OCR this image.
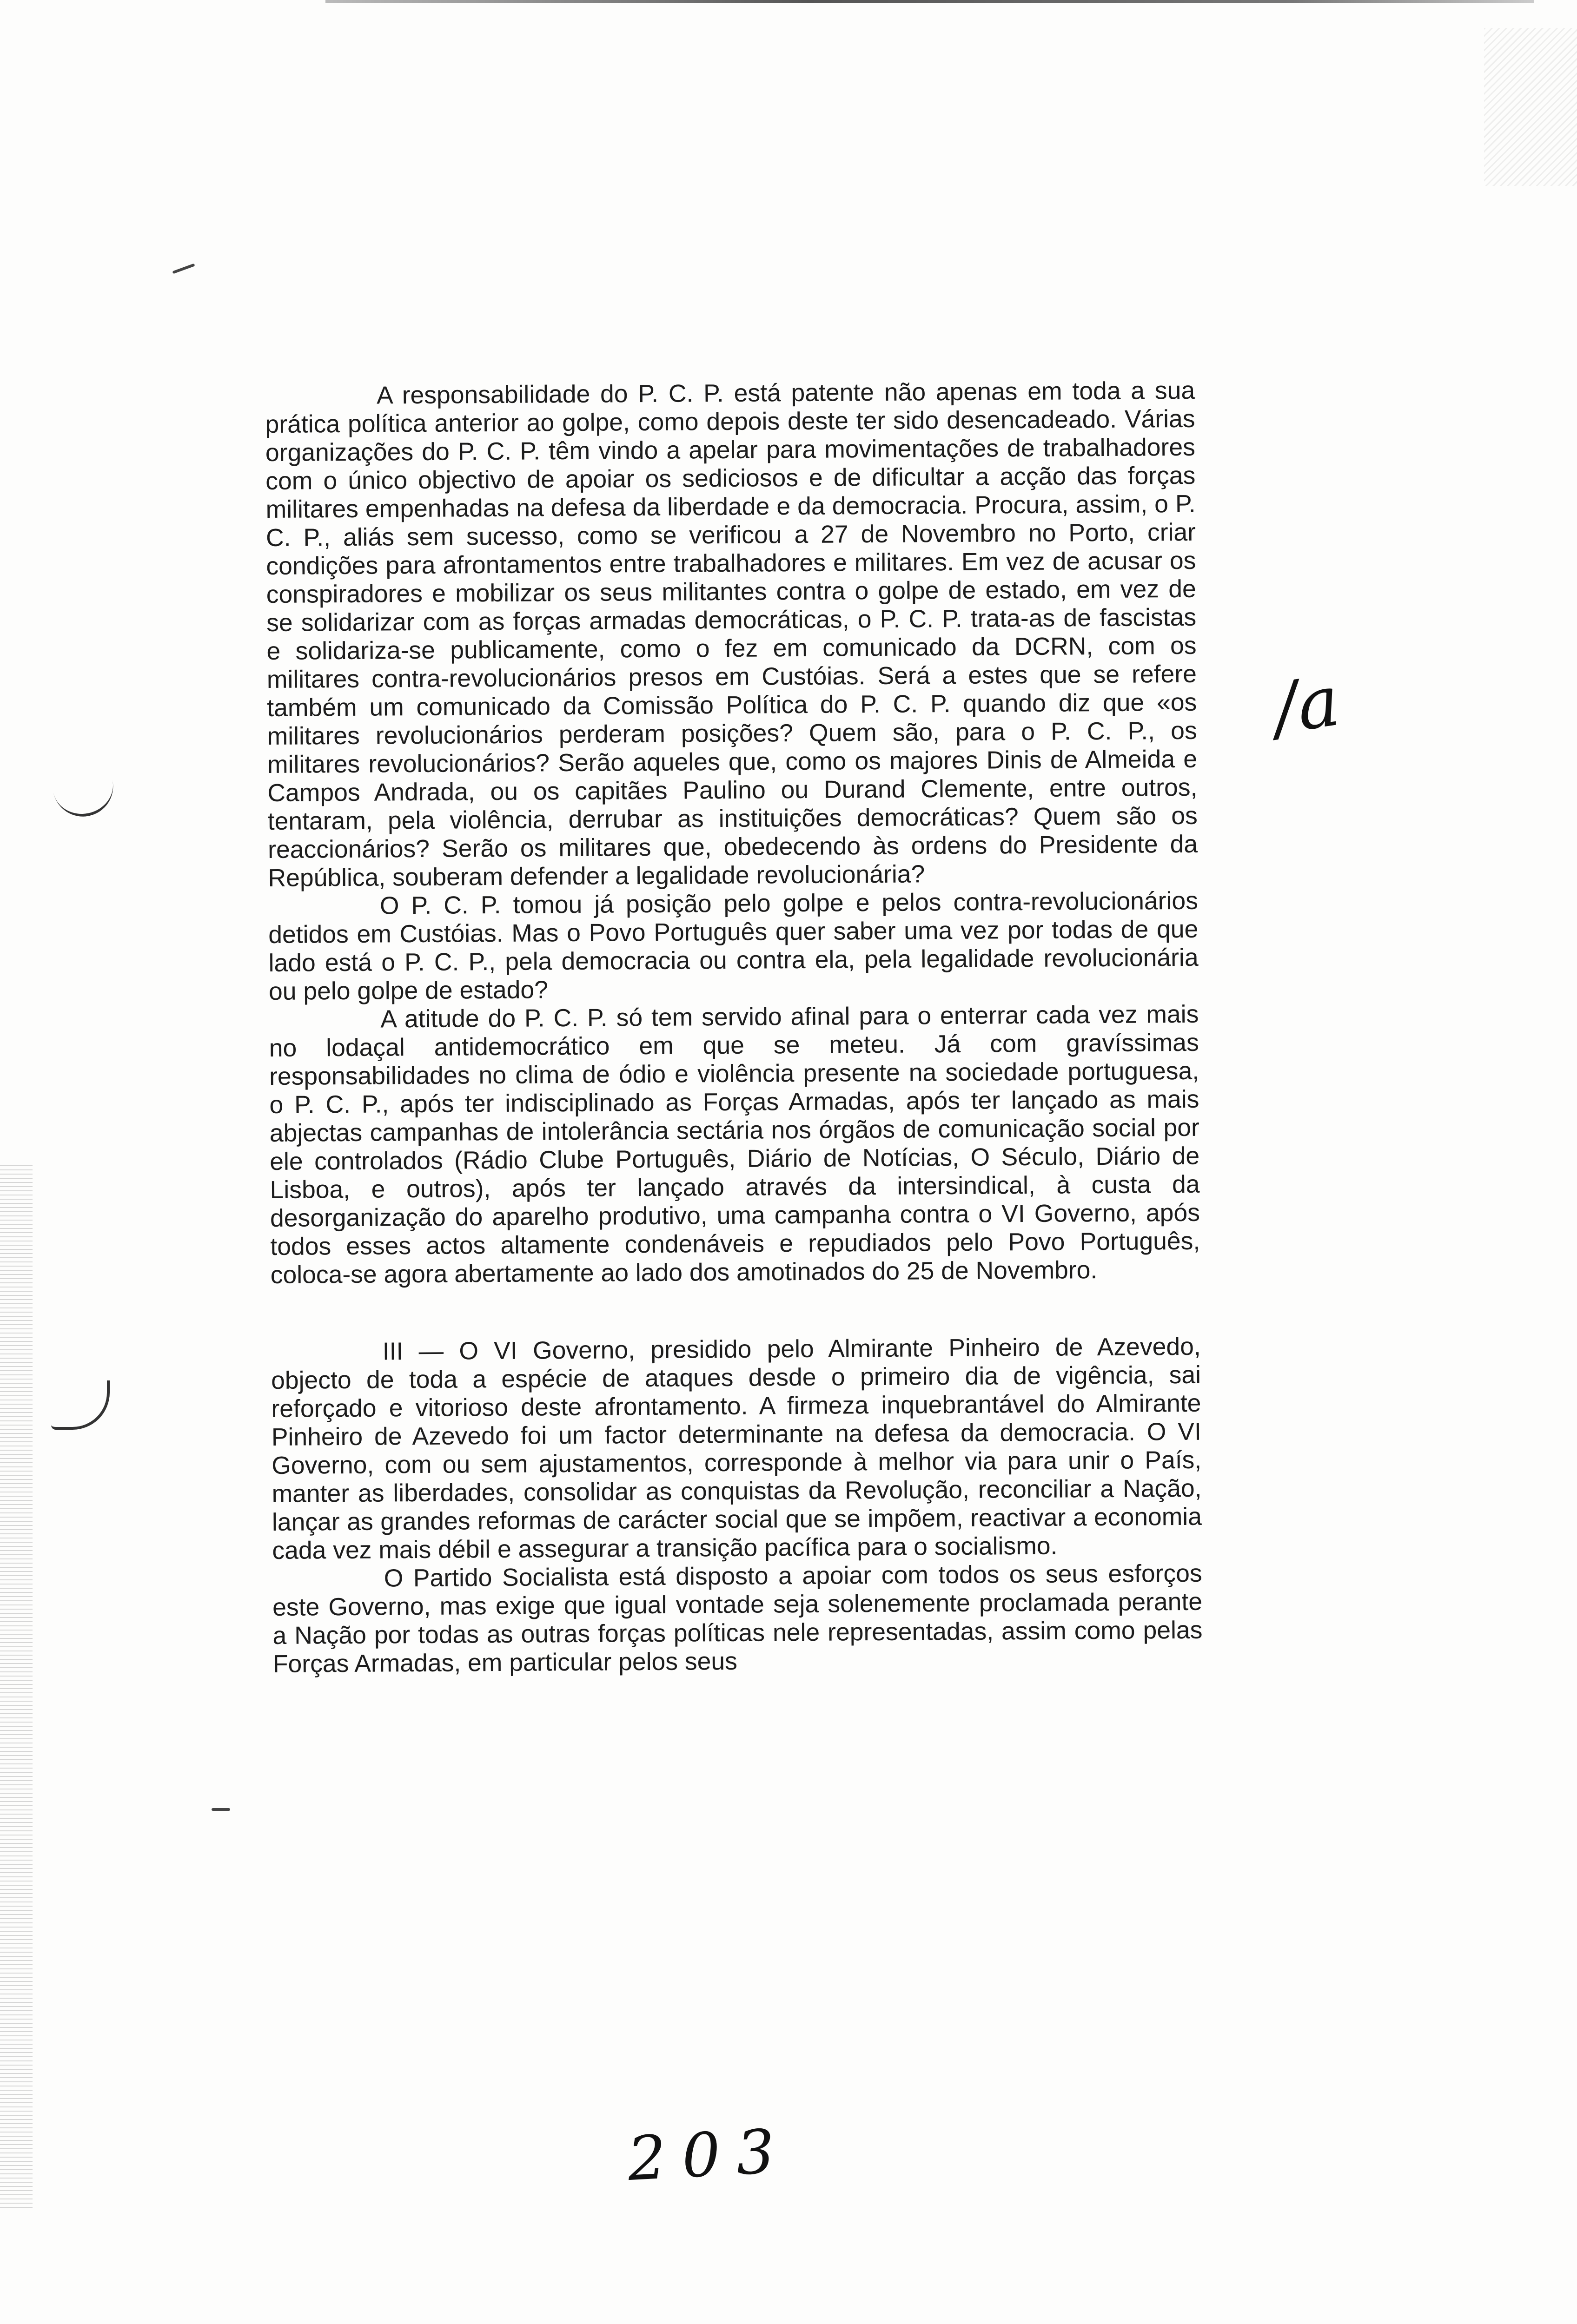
A responsabilidade do P. C. P. está patente não apenas em toda a sua prática política anterior ao golpe, como depois deste ter sido desencadeado. Várias organizações do P. C. P. têm vindo a apelar para movimentações de trabalhadores com o único objectivo de apoiar os sediciosos e de dificultar a acção das forças militares empenhadas na defesa da liberdade e da democracia. Procura, assim, o P. C. P., aliás sem sucesso, como se verificou a 27 de Novembro no Porto, criar condições para afrontamentos entre trabalhadores e militares. Em vez de acusar os conspiradores e mobilizar os seus militantes contra o golpe de estado, em vez de se solidarizar com as forças armadas democráticas, o P. C. P. trata-as de fascistas e solidariza-se publicamente, como o fez em comunicado da DCRN, com os militares contra-revolucionários presos em Custóias. Será a estes que se refere também um comunicado da Comissão Política do P. C. P. quando diz que «os militares revolucionários perderam posições? Quem são, para o P. C. P., os militares revolucionários? Serão aqueles que, como os majores Dinis de Almeida e Campos Andrada, ou os capitães Paulino ou Durand Clemente, entre outros, tentaram, pela violência, derrubar as instituições democráticas? Quem são os reaccionários? Serão os militares que, obedecendo às ordens do Presidente da República, souberam defender a legalidade revolucionária?

O P. C. P. tomou já posição pelo golpe e pelos contra-revolucionários detidos em Custóias. Mas o Povo Português quer saber uma vez por todas de que lado está o P. C. P., pela democracia ou contra ela, pela legalidade revolucionária ou pelo golpe de estado?

A atitude do P. C. P. só tem servido afinal para o enterrar cada vez mais no lodaçal antidemocrático em que se meteu. Já com gravíssimas responsabilidades no clima de ódio e violência presente na sociedade portuguesa, o P. C. P., após ter indisciplinado as Forças Armadas, após ter lançado as mais abjectas campanhas de intolerância sectária nos órgãos de comunicação social por ele controlados (Rádio Clube Português, Diário de Notícias, O Século, Diário de Lisboa, e outros), após ter lançado através da intersindical, à custa da desorganização do aparelho produtivo, uma campanha contra o VI Governo, após todos esses actos altamente condenáveis e repudiados pelo Povo Português, coloca-se agora abertamente ao lado dos amotinados do 25 de Novembro.

III — O VI Governo, presidido pelo Almirante Pinheiro de Azevedo, objecto de toda a espécie de ataques desde o primeiro dia de vigência, sai reforçado e vitorioso deste afrontamento. A firmeza inquebrantável do Almirante Pinheiro de Azevedo foi um factor determinante na defesa da democracia. O VI Governo, com ou sem ajustamentos, corresponde à melhor via para unir o País, manter as liberdades, consolidar as conquistas da Revolução, reconciliar a Nação, lançar as grandes reformas de carácter social que se impõem, reactivar a economia cada vez mais débil e assegurar a transição pacífica para o socialismo.

O Partido Socialista está disposto a apoiar com todos os seus esforços este Governo, mas exige que igual vontade seja solenemente proclamada perante a Nação por todas as outras forças políticas nele representadas, assim como pelas Forças Armadas, em particular pelos seus

/a
203
